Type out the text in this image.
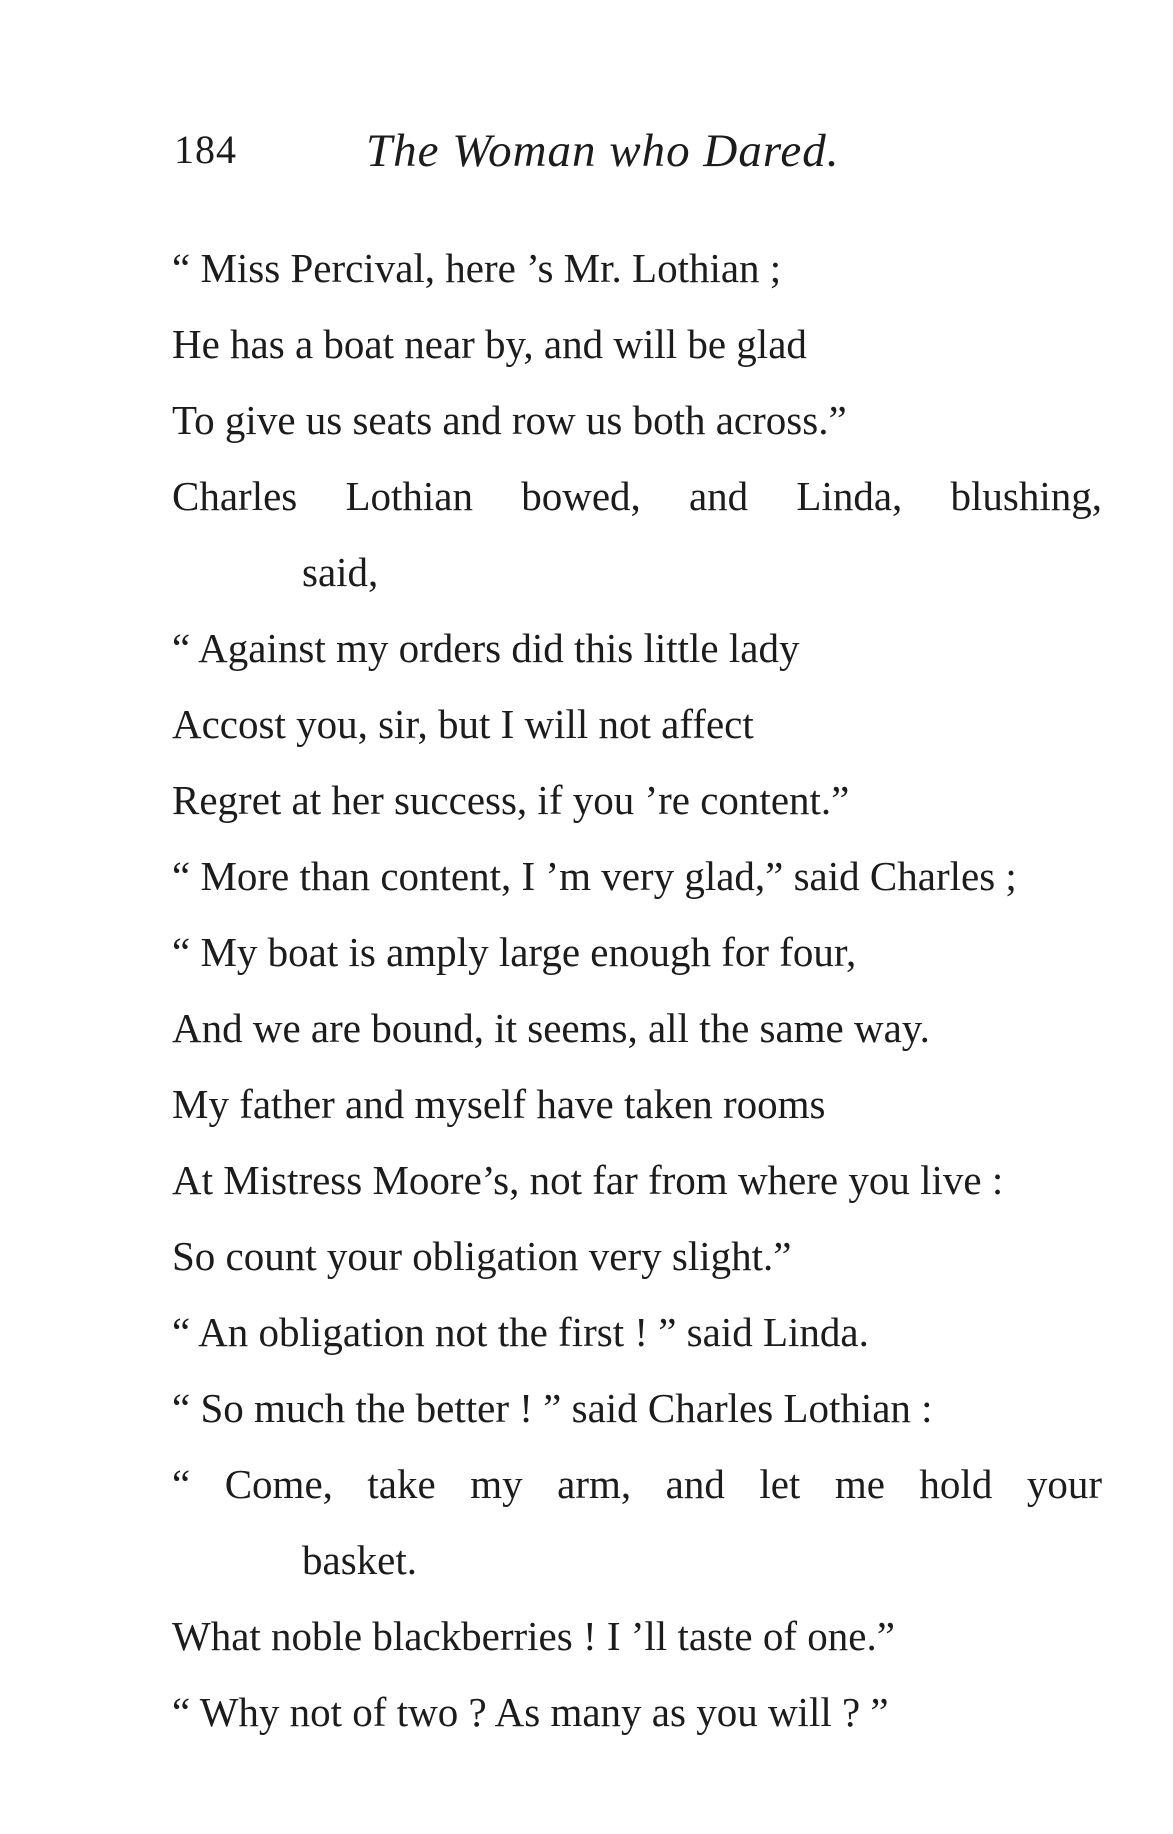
184	The Woman who Dared.
“ Miss Percival, here ’s Mr. Lothian ;
He has a boat near by, and will be glad
To give us seats and row us both across.”
Charles Lothian bowed, and Linda, blushing,
said,
“ Against my orders did this little lady
Accost you, sir, but I will not affect
Regret at her success, if you ’re content.”
“ More than content, I ’m very glad,” said Charles ;
“ My boat is amply large enough for four,
And we are bound, it seems, all the same way.
My father and myself have taken rooms
At Mistress Moore’s, not far from where you live :
So count your obligation very slight.”
“ An obligation not the first ! ” said Linda.
“ So much the better ! ” said Charles Lothian :
“ Come, take my arm, and let me hold your
basket.
What noble blackberries ! I ’ll taste of one.”
“ Why not of two ? As many as you will ? ”
